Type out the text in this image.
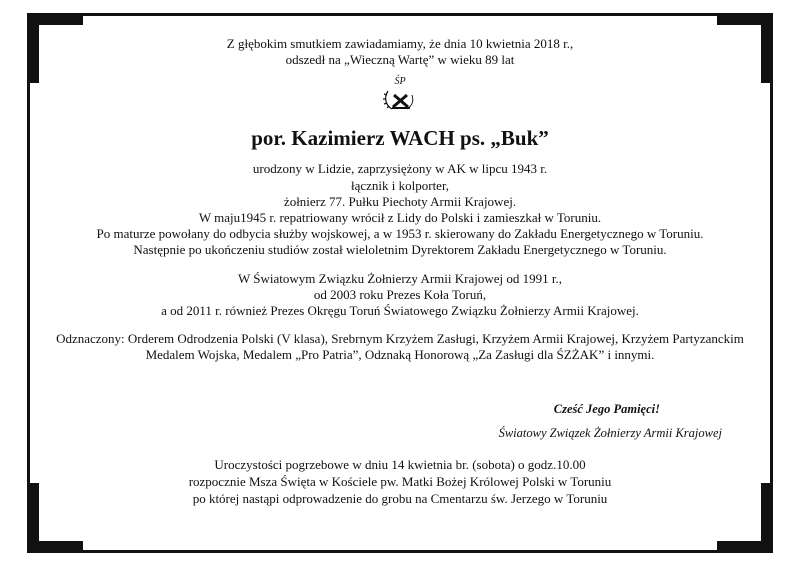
Z głębokim smutkiem zawiadamiamy, że dnia 10 kwietnia 2018 r.,
odszedł na „Wieczną Wartę” w wieku 89 lat
ŚP
por. Kazimierz WACH ps. „Buk”
urodzony w Lidzie, zaprzysiężony w AK w lipcu 1943 r.
łącznik i kolporter,
żołnierz 77. Pułku Piechoty Armii Krajowej.
W maju1945 r. repatriowany wrócił z Lidy do Polski i zamieszkał w Toruniu.
Po maturze powołany do odbycia służby wojskowej, a w 1953 r. skierowany do Zakładu Energetycznego w Toruniu.
Następnie po ukończeniu studiów został wieloletnim Dyrektorem Zakładu Energetycznego w Toruniu.
W Światowym Związku Żołnierzy Armii Krajowej od 1991 r.,
od 2003 roku Prezes Koła Toruń,
a od 2011 r. również Prezes Okręgu Toruń Światowego Związku Żołnierzy Armii Krajowej.
Odznaczony: Orderem Odrodzenia Polski (V klasa), Srebrnym Krzyżem Zasługi, Krzyżem Armii Krajowej, Krzyżem Partyzanckim
Medalem Wojska, Medalem „Pro Patria”, Odznaką Honorową „Za Zasługi dla ŚZŻAK” i innymi.
Cześć Jego Pamięci!
Światowy Związek Żołnierzy Armii Krajowej
Uroczystości pogrzebowe w dniu 14 kwietnia br. (sobota) o godz.10.00
rozpocznie Msza Święta w Kościele pw. Matki Bożej Królowej Polski w Toruniu
po której nastąpi odprowadzenie do grobu na Cmentarzu św. Jerzego w Toruniu
